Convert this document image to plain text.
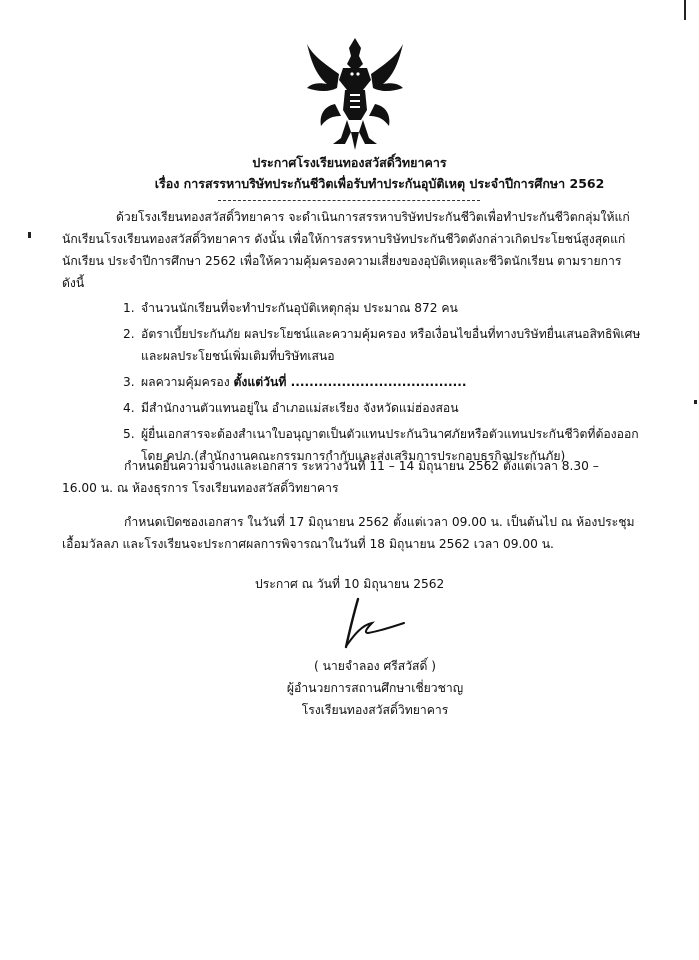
ประกาศโรงเรียนทองสวัสดิ์วิทยาคาร
เรื่อง การสรรหาบริษัทประกันชีวิตเพื่อรับทำประกันอุบัติเหตุ ประจำปีการศึกษา 2562
ด้วยโรงเรียนทองสวัสดิ์วิทยาคาร จะดำเนินการสรรหาบริษัทประกันชีวิตเพื่อทำประกันชีวิตกลุ่มให้แก่นักเรียนโรงเรียนทองสวัสดิ์วิทยาคาร ดังนั้น เพื่อให้การสรรหาบริษัทประกันชีวิตดังกล่าวเกิดประโยชน์สูงสุดแก่นักเรียน ประจำปีการศึกษา 2562 เพื่อให้ความคุ้มครองความเสี่ยงของอุบัติเหตุและชีวิตนักเรียน ตามรายการดังนี้
1. จำนวนนักเรียนที่จะทำประกันอุบัติเหตุกลุ่ม ประมาณ 872 คน
2. อัตราเบี้ยประกันภัย ผลประโยชน์และความคุ้มครอง หรือเงื่อนไขอื่นที่ทางบริษัทยื่นเสนอสิทธิพิเศษและผลประโยชน์เพิ่มเติมที่บริษัทเสนอ
3. ผลความคุ้มครอง ตั้งแต่วันที่ ......................................
4. มีสำนักงานตัวแทนอยู่ใน อำเภอแม่สะเรียง จังหวัดแม่ฮ่องสอน
5. ผู้ยื่นเอกสารจะต้องสำเนาใบอนุญาตเป็นตัวแทนประกันวินาศภัยหรือตัวแทนประกันชีวิตที่ต้องออกโดย คปภ.(สำนักงานคณะกรรมการกำกับและส่งเสริมการประกอบธุรกิจประกันภัย)
กำหนดยื่นความจำนงและเอกสาร ระหว่างวันที่ 11 – 14 มิถุนายน 2562 ตั้งแต่เวลา 8.30 – 16.00 น. ณ ห้องธุรการ โรงเรียนทองสวัสดิ์วิทยาคาร
กำหนดเปิดซองเอกสาร ในวันที่ 17 มิถุนายน 2562 ตั้งแต่เวลา 09.00 น. เป็นต้นไป ณ ห้องประชุมเอื้อมวัลลภ และโรงเรียนจะประกาศผลการพิจารณาในวันที่ 18 มิถุนายน 2562 เวลา 09.00 น.
ประกาศ ณ วันที่ 10 มิถุนายน 2562
( นายจำลอง ศรีสวัสดิ์ )
ผู้อำนวยการสถานศึกษาเชี่ยวชาญ
โรงเรียนทองสวัสดิ์วิทยาคาร
